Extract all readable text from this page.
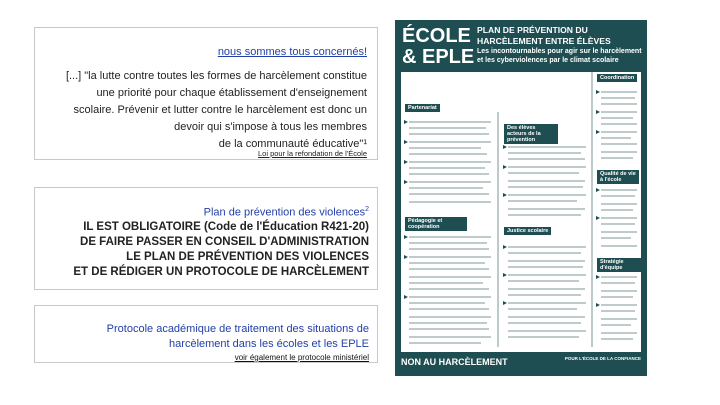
nous sommes tous concernés!
[...] "la lutte contre toutes les formes de harcèlement constitue
une priorité pour chaque établissement d'enseignement
scolaire. Prévenir et lutter contre le harcèlement est donc un
devoir qui s'impose à tous les membres
de la communauté éducative"¹
Loi pour la refondation de l'École
Plan de prévention des violences$^2$
IL EST OBLIGATOIRE (Code de l'Éducation R421-20)
DE FAIRE PASSER EN CONSEIL D'ADMINISTRATION
LE PLAN DE PRÉVENTION DES VIOLENCES
ET DE RÉDIGER UN PROTOCOLE DE HARCÈLEMENT
Protocole académique de traitement des situations de
harcèlement dans les écoles et les EPLE
voir également le protocole ministériel
ÉCOLE
& EPLE
PLAN DE PRÉVENTION DU HARCÈLEMENT ENTRE ÉLÈVES
Les incontournables pour agir sur le harcèlement et les cyberviolences par le climat scolaire
Partenariat
Des élèves acteurs de la prévention
Coordination
Qualité de vie à l'école
Pédagogie et coopération
Justice scolaire
Stratégie d'équipe
NON AU HARCÈLEMENT	POUR L'ÉCOLE DE LA CONFIANCE
